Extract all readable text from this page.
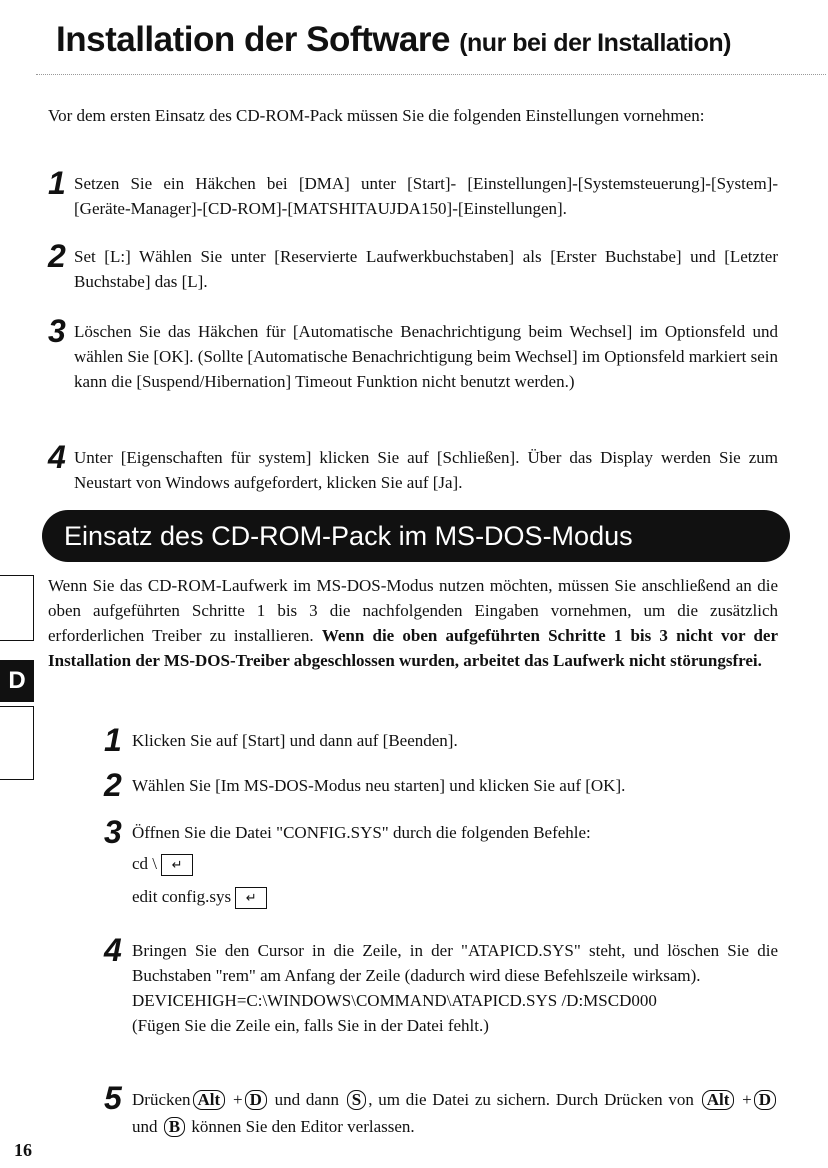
Installation der Software (nur bei der Installation)
Vor dem ersten Einsatz des CD-ROM-Pack müssen Sie die folgenden Einstellungen vornehmen:
1 Setzen Sie ein Häkchen bei [DMA] unter [Start]- [Einstellungen]-[Systemsteuerung]-[System]-[Geräte-Manager]-[CD-ROM]-[MATSHITAUJDA150]-[Einstellungen].
2 Set [L:] Wählen Sie unter [Reservierte Laufwerkbuchstaben] als [Erster Buchstabe] und [Letzter Buchstabe] das [L].
3 Löschen Sie das Häkchen für [Automatische Benachrichtigung beim Wechsel] im Optionsfeld und wählen Sie [OK]. (Sollte [Automatische Benachrichtigung beim Wechsel] im Optionsfeld markiert sein kann die [Suspend/Hibernation] Timeout Funktion nicht benutzt werden.)
4 Unter [Eigenschaften für system] klicken Sie auf [Schließen]. Über das Display werden Sie zum Neustart von Windows aufgefordert, klicken Sie auf [Ja].
Einsatz des CD-ROM-Pack im MS-DOS-Modus
D
Wenn Sie das CD-ROM-Laufwerk im MS-DOS-Modus nutzen möchten, müssen Sie anschließend an die oben aufgeführten Schritte 1 bis 3 die nachfolgenden Eingaben vornehmen, um die zusätzlich erforderlichen Treiber zu installieren. Wenn die oben aufgeführten Schritte 1 bis 3 nicht vor der Installation der MS-DOS-Treiber abgeschlossen wurden, arbeitet das Laufwerk nicht störungsfrei.
1 Klicken Sie auf [Start] und dann auf [Beenden].
2 Wählen Sie [Im MS-DOS-Modus neu starten] und klicken Sie auf [OK].
3 Öffnen Sie die Datei "CONFIG.SYS" durch die folgenden Befehle:
cd \ ↵
edit config.sys ↵
4 Bringen Sie den Cursor in die Zeile, in der "ATAPICD.SYS" steht, und löschen Sie die Buchstaben "rem" am Anfang der Zeile (dadurch wird diese Befehlszeile wirksam).
DEVICEHIGH=C:\WINDOWS\COMMAND\ATAPICD.SYS /D:MSCD000
(Fügen Sie die Zeile ein, falls Sie in der Datei fehlt.)
5 Drücken Alt + D und dann S , um die Datei zu sichern. Durch Drücken von Alt + D und B können Sie den Editor verlassen.
16
